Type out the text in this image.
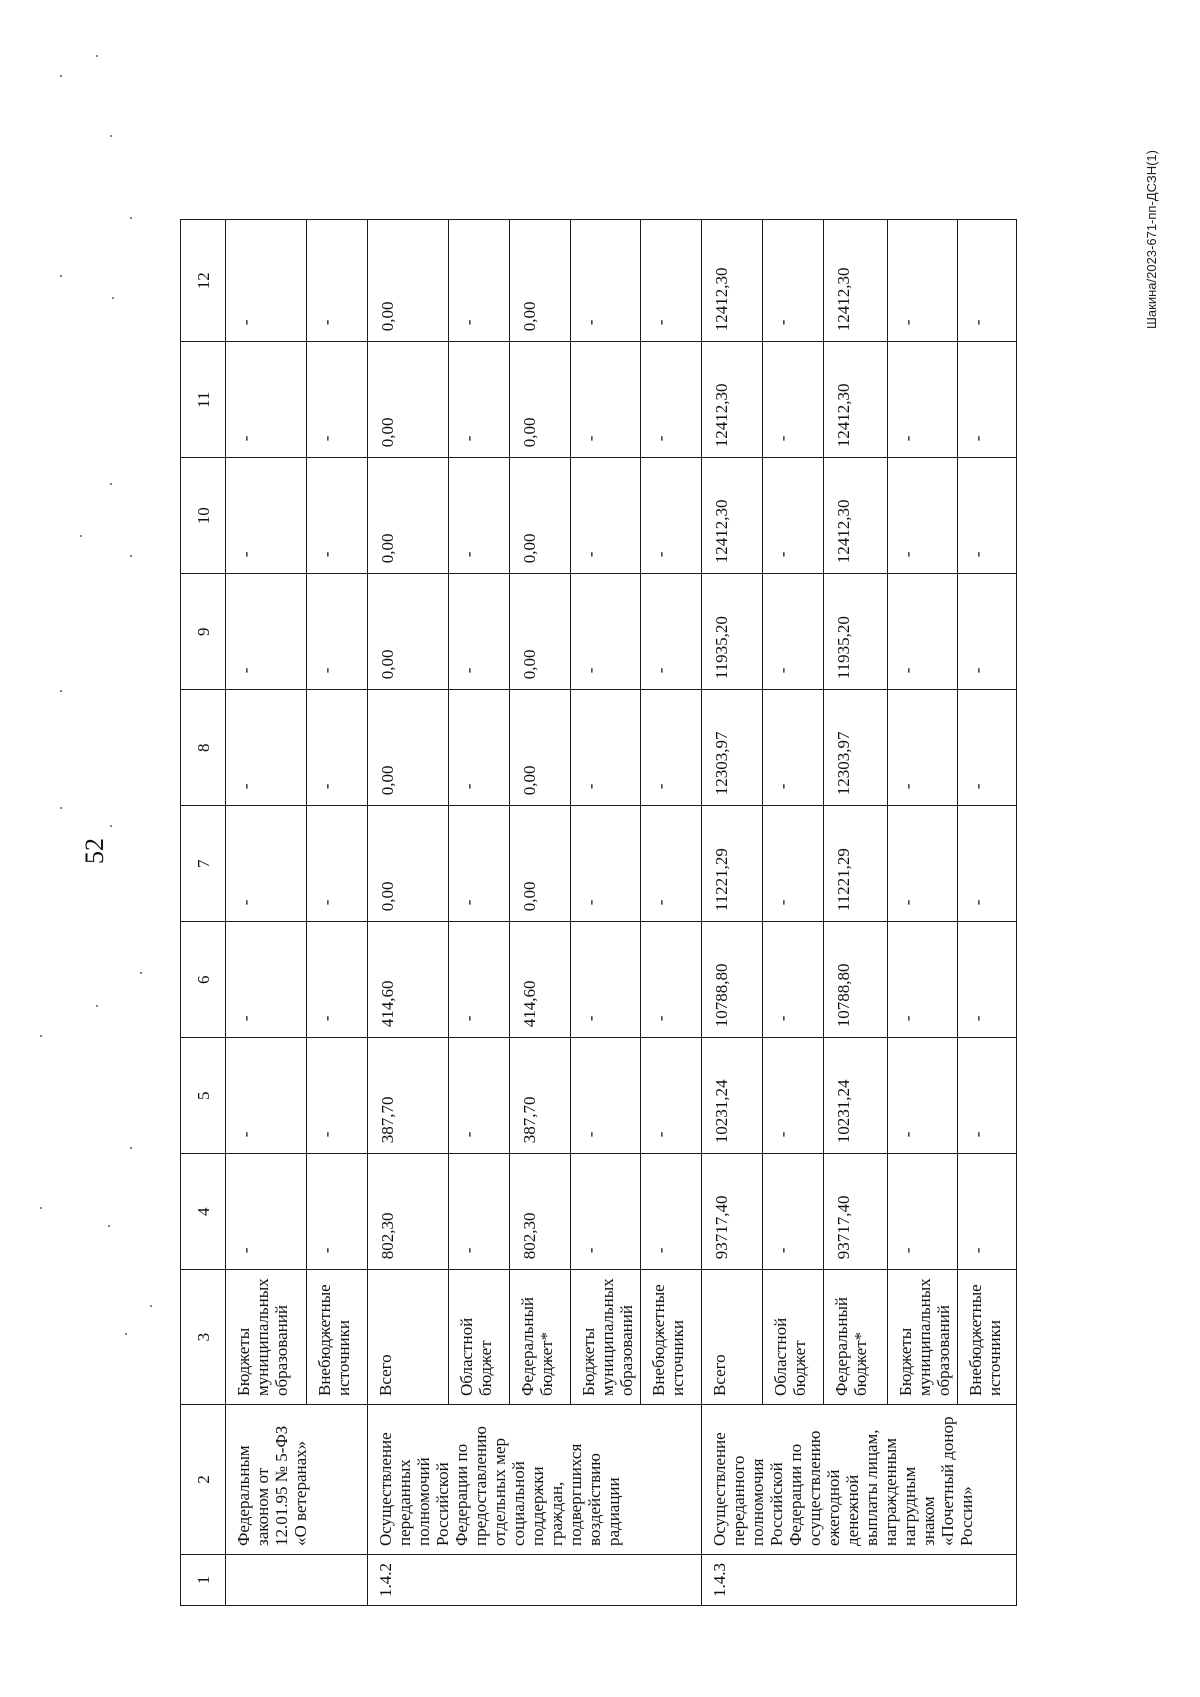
52
Шакина/2023-671-пп-ДСЗН(1)
1	2	3	4	5	6	7	8	9	10	11	12
	Федеральным законом от 12.01.95 № 5-ФЗ «О ветеранах»	Бюджеты муниципальных образований	-	-	-	-	-	-	-	-	-
		Внебюджетные источники	-	-	-	-	-	-	-	-	-
1.4.2	Осуществление переданных полномочий Российской Федерации по предоставлению отдельных мер социальной поддержки граждан, подвергшихся воздействию радиации	Всего	802,30	387,70	414,60	0,00	0,00	0,00	0,00	0,00	0,00
		Областной бюджет	-	-	-	-	-	-	-	-	-
		Федеральный бюджет*	802,30	387,70	414,60	0,00	0,00	0,00	0,00	0,00	0,00
		Бюджеты муниципальных образований	-	-	-	-	-	-	-	-	-
		Внебюджетные источники	-	-	-	-	-	-	-	-	-
1.4.3	Осуществление переданного полномочия Российской Федерации по осуществлению ежегодной денежной выплаты лицам, награжденным нагрудным знаком «Почетный донор России»	Всего	93717,40	10231,24	10788,80	11221,29	12303,97	11935,20	12412,30	12412,30	12412,30
		Областной бюджет	-	-	-	-	-	-	-	-	-
		Федеральный бюджет*	93717,40	10231,24	10788,80	11221,29	12303,97	11935,20	12412,30	12412,30	12412,30
		Бюджеты муниципальных образований	-	-	-	-	-	-	-	-	-
		Внебюджетные источники	-	-	-	-	-	-	-	-	-
